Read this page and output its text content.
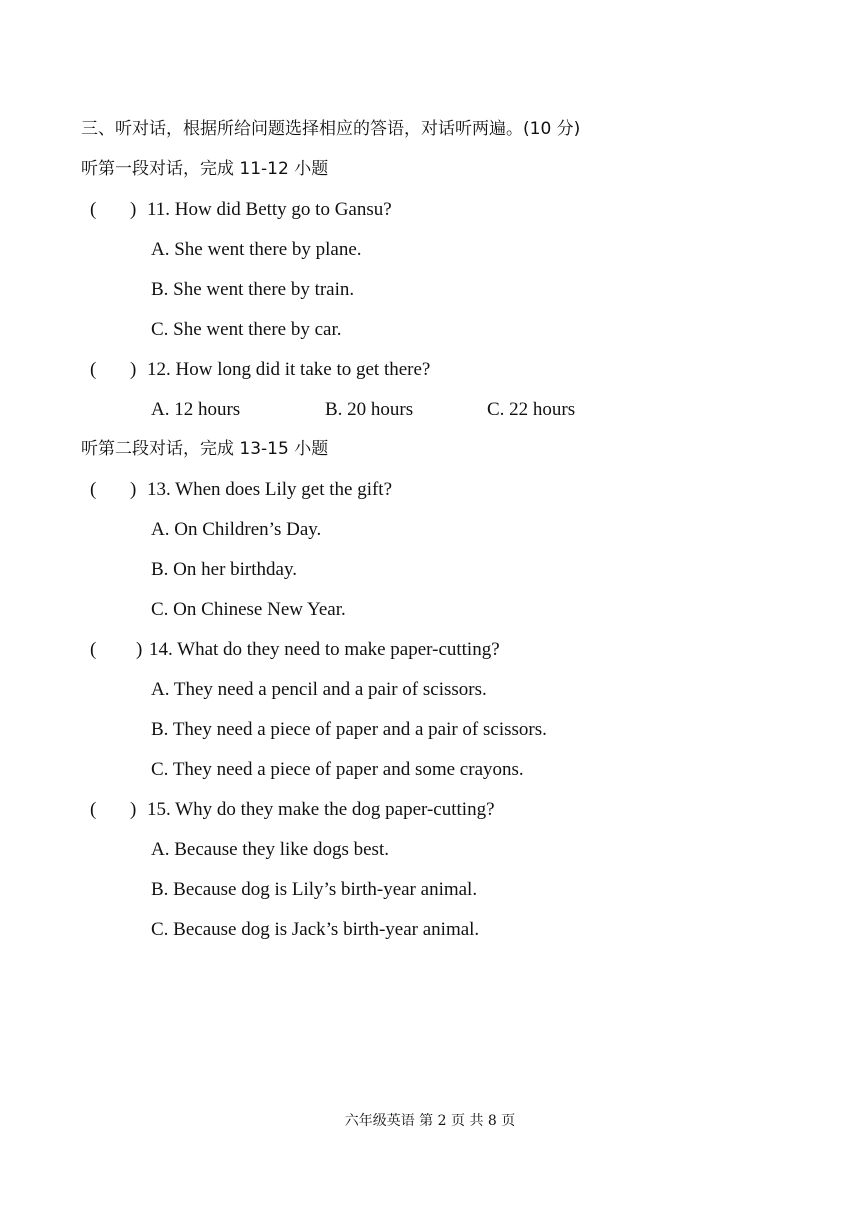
三、听对话，根据所给问题选择相应的答语，对话听两遍。(10 分)
听第一段对话，完成 11-12 小题
( ) 11. How did Betty go to Gansu?
A. She went there by plane.
B. She went there by train.
C. She went there by car.
( ) 12. How long did it take to get there?
A. 12 hours	B. 20 hours	C. 22 hours
听第二段对话，完成 13-15 小题
( ) 13. When does Lily get the gift?
A. On Children’s Day.
B. On her birthday.
C. On Chinese New Year.
( ) 14. What do they need to make paper-cutting?
A. They need a pencil and a pair of scissors.
B. They need a piece of paper and a pair of scissors.
C. They need a piece of paper and some crayons.
( ) 15. Why do they make the dog paper-cutting?
A. Because they like dogs best.
B. Because dog is Lily’s birth-year animal.
C. Because dog is Jack’s birth-year animal.
六年级英语 第 2 页 共 8 页
